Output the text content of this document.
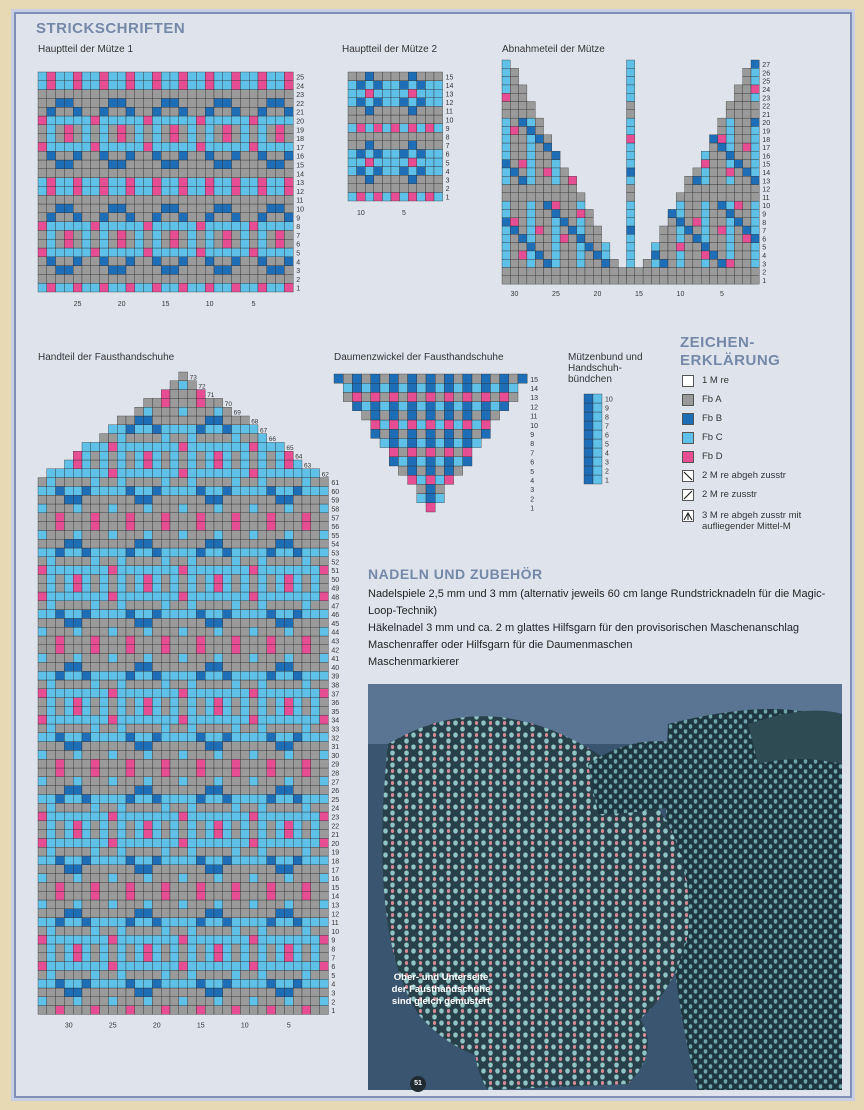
STRICKSCHRIFTEN
Hauptteil der Mütze 1
1
2
3
4
5
6
7
8
9
10
11
12
13
14
15
16
17
18
19
20
21
22
23
24
25
25	20	15	10	5
Hauptteil der Mütze 2
1
2
3
4
5
6
7
8
9
10
11
12
13
14
15
10	5
Abnahmeteil der Mütze
1
2
3
4
5
6
7
8
9
10
11
12
13
14
15
16
17
18
19
20
21
22
23
24
25
26
27
30	25	20	15	10	5
Handteil der Fausthandschuhe
1
2
3
4
5
6
7
8
9
10
11
12
13
14
15
16
17
18
19
20
21
22
23
24
25
26
27
28
29
30
31
32
33
34
35
36
37
38
39
40
41
42
43
44
45
46
47
48
49
50
51
52
53
54
55
56
57
58
59
60
61
62
63
64
65
66
67
68
69
70
71
72
73
30	25	20	15	10	5
Daumenzwickel der Fausthandschuhe
1
2
3
4
5
6
7
8
9
10
11
12
13
14
15
Mützenbund und Handschuh-bündchen
1
2
3
4
5
6
7
8
9
10
ZEICHEN-
ERKLÄRUNG
1 M re
Fb A
Fb B
Fb C
Fb D
2 M re abgeh zusstr
2 M re zusstr
3 M re abgeh zusstr mit aufliegender Mittel-M
NADELN UND ZUBEHÖR

Nadelspiele 2,5 mm und 3 mm (alternativ jeweils 60 cm lange Rundstricknadeln für die Magic-Loop-Technik)

Häkelnadel 3 mm und ca. 2 m glattes Hilfsgarn für den provisorischen Maschenanschlag

Maschenraffer oder Hilfsgarn für die Daumenmaschen

Maschenmarkierer

Ober- und Unterseite der Fausthandschuhe sind gleich gemustert
51
